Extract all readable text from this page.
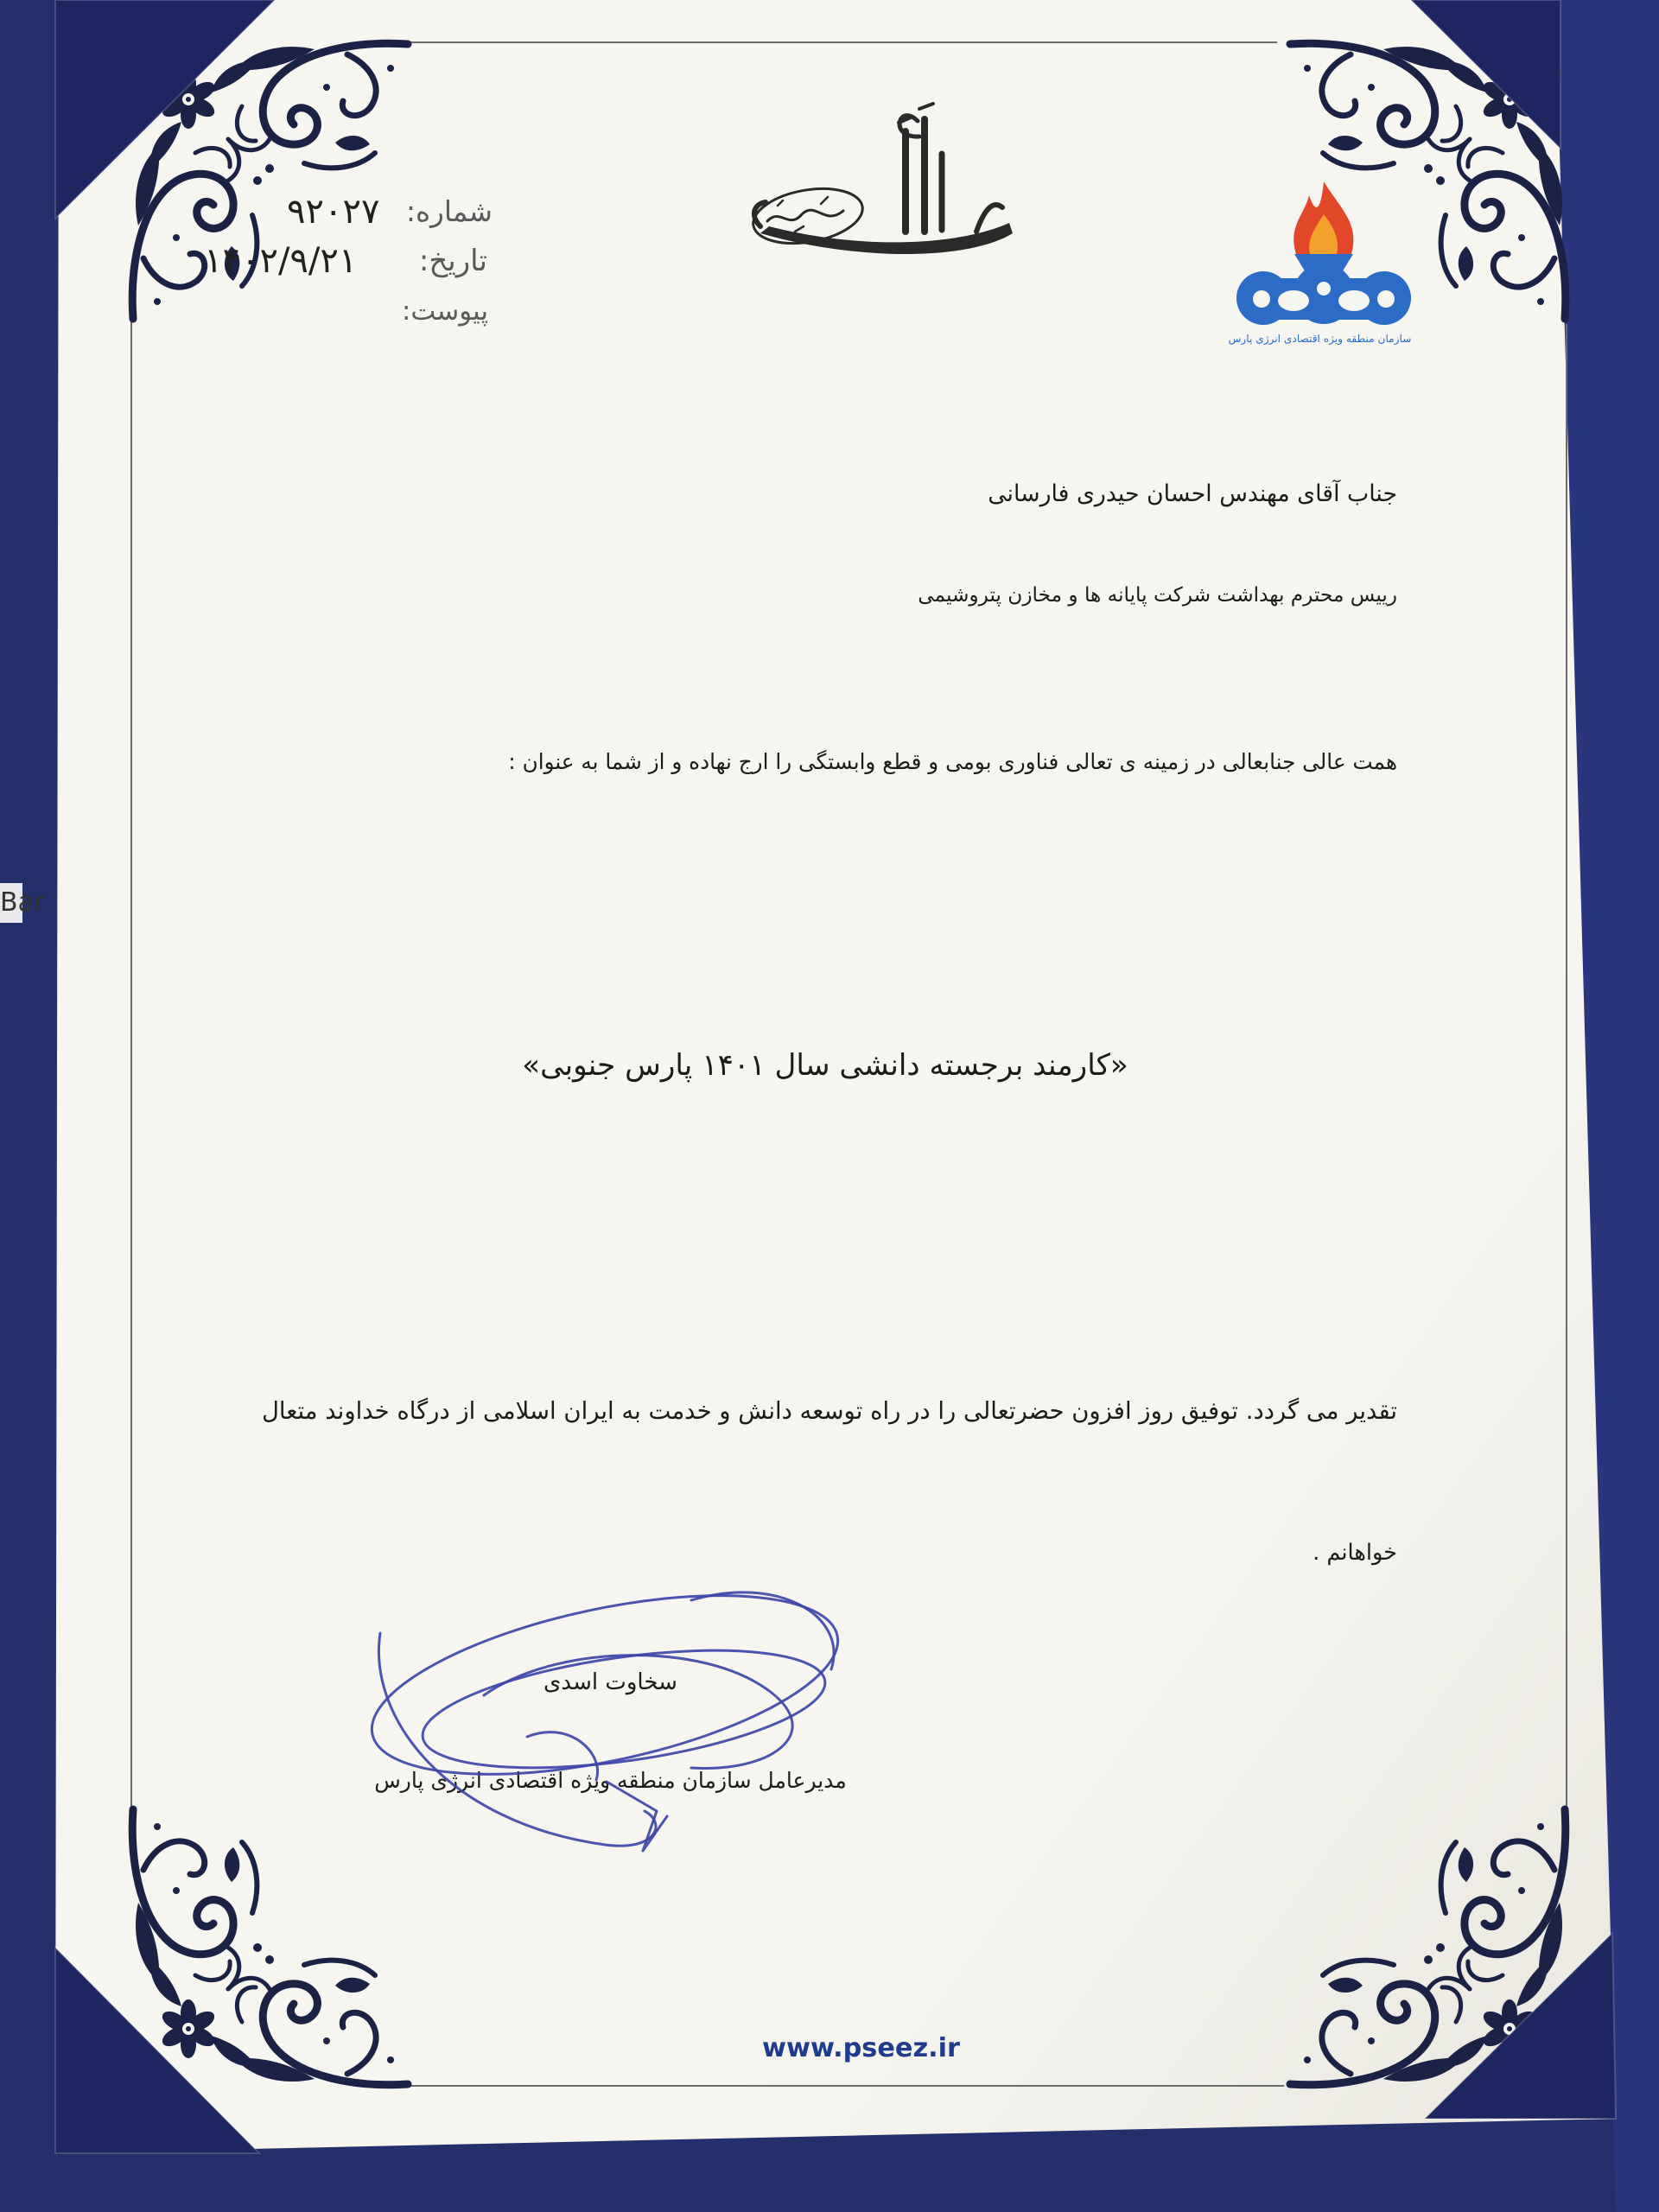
Bar
شماره:
۹۲۰۲۷
تاریخ:
۱۴۰۲/۹/۲۱
پیوست:
سازمان منطقه ویژه اقتصادی انرژی پارس
جناب آقای مهندس احسان حیدری فارسانی
رییس محترم بهداشت شرکت پایانه ها و مخازن پتروشیمی
همت عالی جنابعالی در زمینه ی تعالی فناوری بومی و قطع وابستگی را ارج نهاده و از شما به عنوان :
«کارمند برجسته دانشی سال ۱۴۰۱ پارس جنوبی»
تقدیر می گردد. توفیق روز افزون حضرتعالی را در راه توسعه دانش و خدمت به ایران اسلامی از درگاه خداوند متعال
خواهانم .
سخاوت اسدی
مدیرعامل سازمان منطقه ویژه اقتصادی انرژی پارس
www.pseez.ir
